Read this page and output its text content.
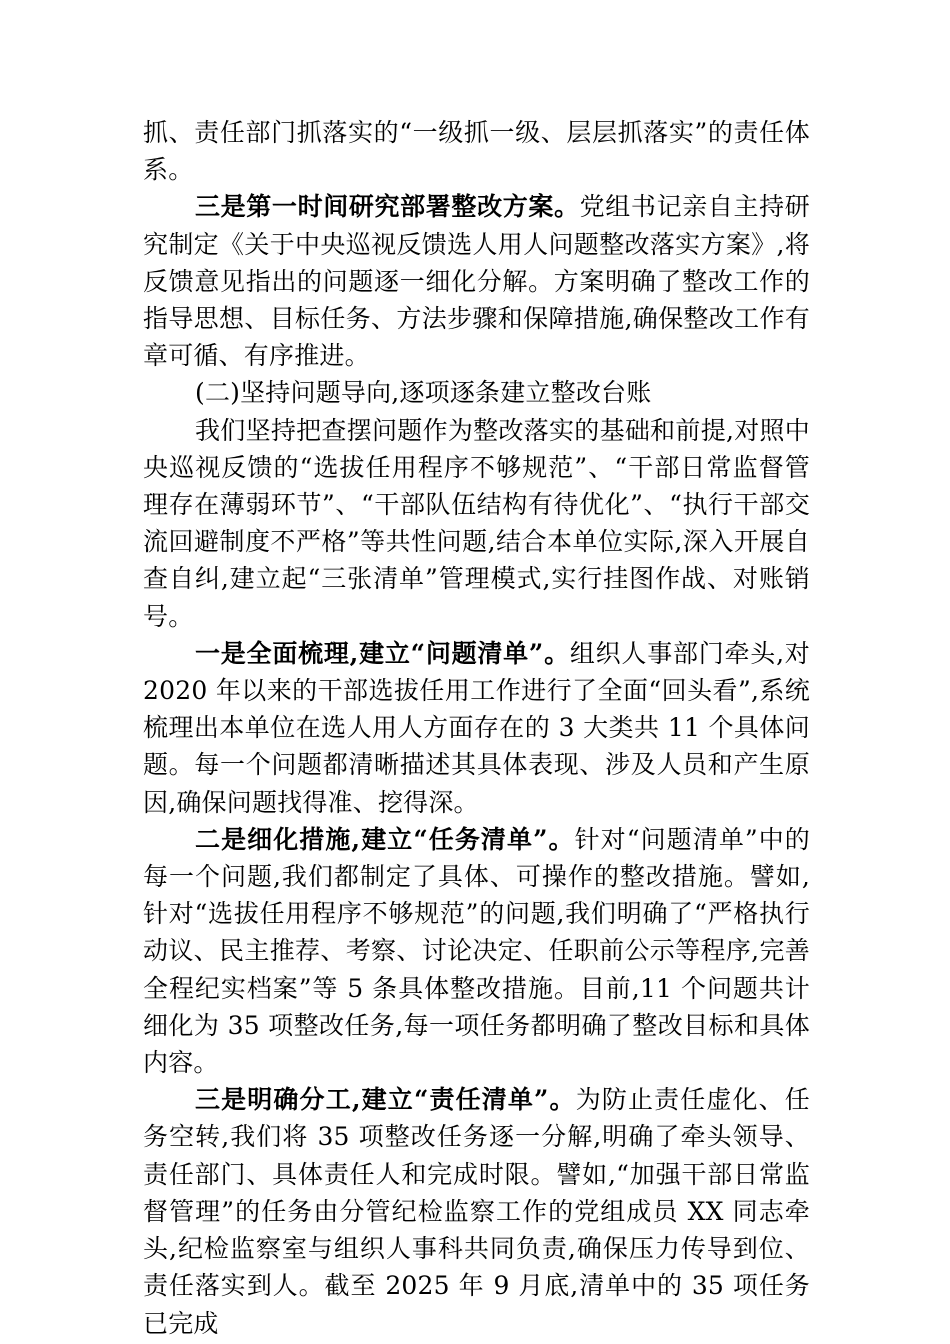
抓、责任部门抓落实的“一级抓一级、层层抓落实”的责任体系。

三是第一时间研究部署整改方案。党组书记亲自主持研究制定《关于中央巡视反馈选人用人问题整改落实方案》,将反馈意见指出的问题逐一细化分解。方案明确了整改工作的指导思想、目标任务、方法步骤和保障措施,确保整改工作有章可循、有序推进。

(二)坚持问题导向,逐项逐条建立整改台账

我们坚持把查摆问题作为整改落实的基础和前提,对照中央巡视反馈的“选拔任用程序不够规范”、“干部日常监督管理存在薄弱环节”、“干部队伍结构有待优化”、“执行干部交流回避制度不严格”等共性问题,结合本单位实际,深入开展自查自纠,建立起“三张清单”管理模式,实行挂图作战、对账销号。

一是全面梳理,建立“问题清单”。组织人事部门牵头,对2020 年以来的干部选拔任用工作进行了全面“回头看”,系统梳理出本单位在选人用人方面存在的 3 大类共 11 个具体问题。每一个问题都清晰描述其具体表现、涉及人员和产生原因,确保问题找得准、挖得深。

二是细化措施,建立“任务清单”。针对“问题清单”中的每一个问题,我们都制定了具体、可操作的整改措施。譬如,针对“选拔任用程序不够规范”的问题,我们明确了“严格执行动议、民主推荐、考察、讨论决定、任职前公示等程序,完善全程纪实档案”等 5 条具体整改措施。目前,11 个问题共计细化为 35 项整改任务,每一项任务都明确了整改目标和具体内容。

三是明确分工,建立“责任清单”。为防止责任虚化、任务空转,我们将 35 项整改任务逐一分解,明确了牵头领导、责任部门、具体责任人和完成时限。譬如,“加强干部日常监督管理”的任务由分管纪检监察工作的党组成员 XX 同志牵头,纪检监察室与组织人事科共同负责,确保压力传导到位、责任落实到人。截至 2025 年 9 月底,清单中的 35 项任务已完成
